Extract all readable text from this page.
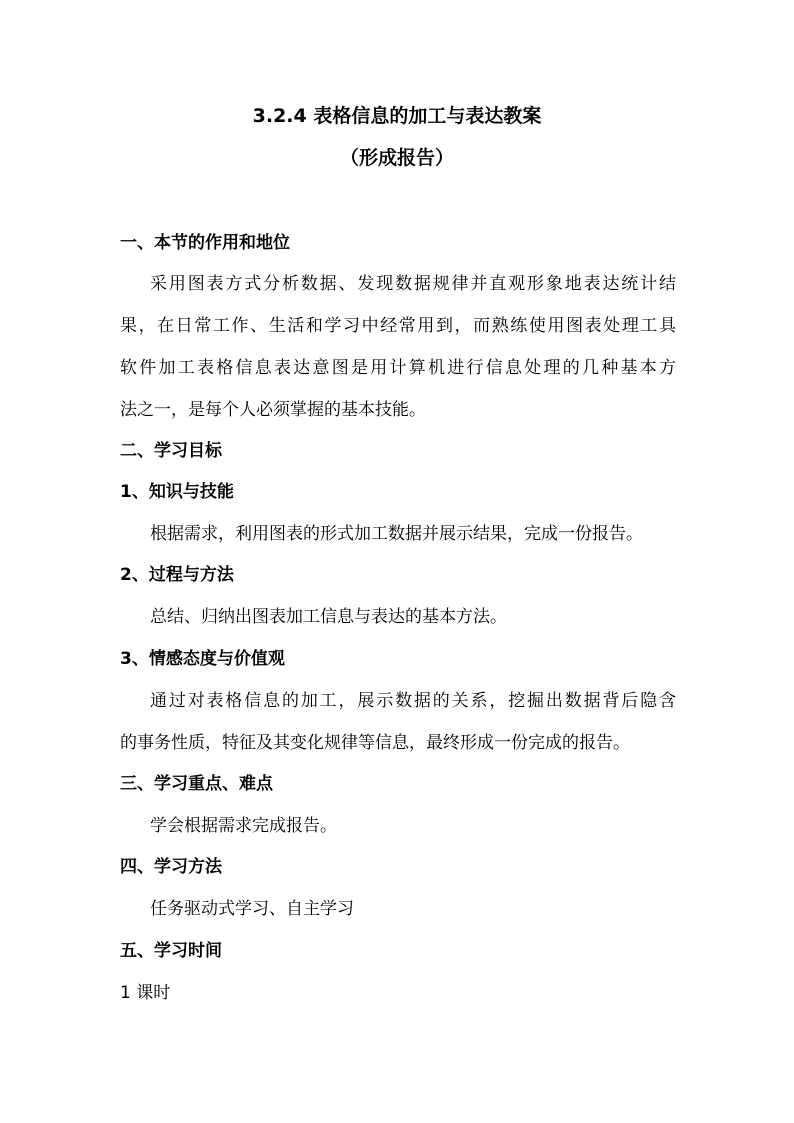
3.2.4 表格信息的加工与表达教案
（形成报告）
一、本节的作用和地位
采用图表方式分析数据、发现数据规律并直观形象地表达统计结
果，在日常工作、生活和学习中经常用到，而熟练使用图表处理工具
软件加工表格信息表达意图是用计算机进行信息处理的几种基本方
法之一，是每个人必须掌握的基本技能。
二、学习目标
1、知识与技能
根据需求，利用图表的形式加工数据并展示结果，完成一份报告。
2、过程与方法
总结、归纳出图表加工信息与表达的基本方法。
3、情感态度与价值观
通过对表格信息的加工，展示数据的关系，挖掘出数据背后隐含
的事务性质，特征及其变化规律等信息，最终形成一份完成的报告。
三、学习重点、难点
学会根据需求完成报告。
四、学习方法
任务驱动式学习、自主学习
五、学习时间
1 课时
